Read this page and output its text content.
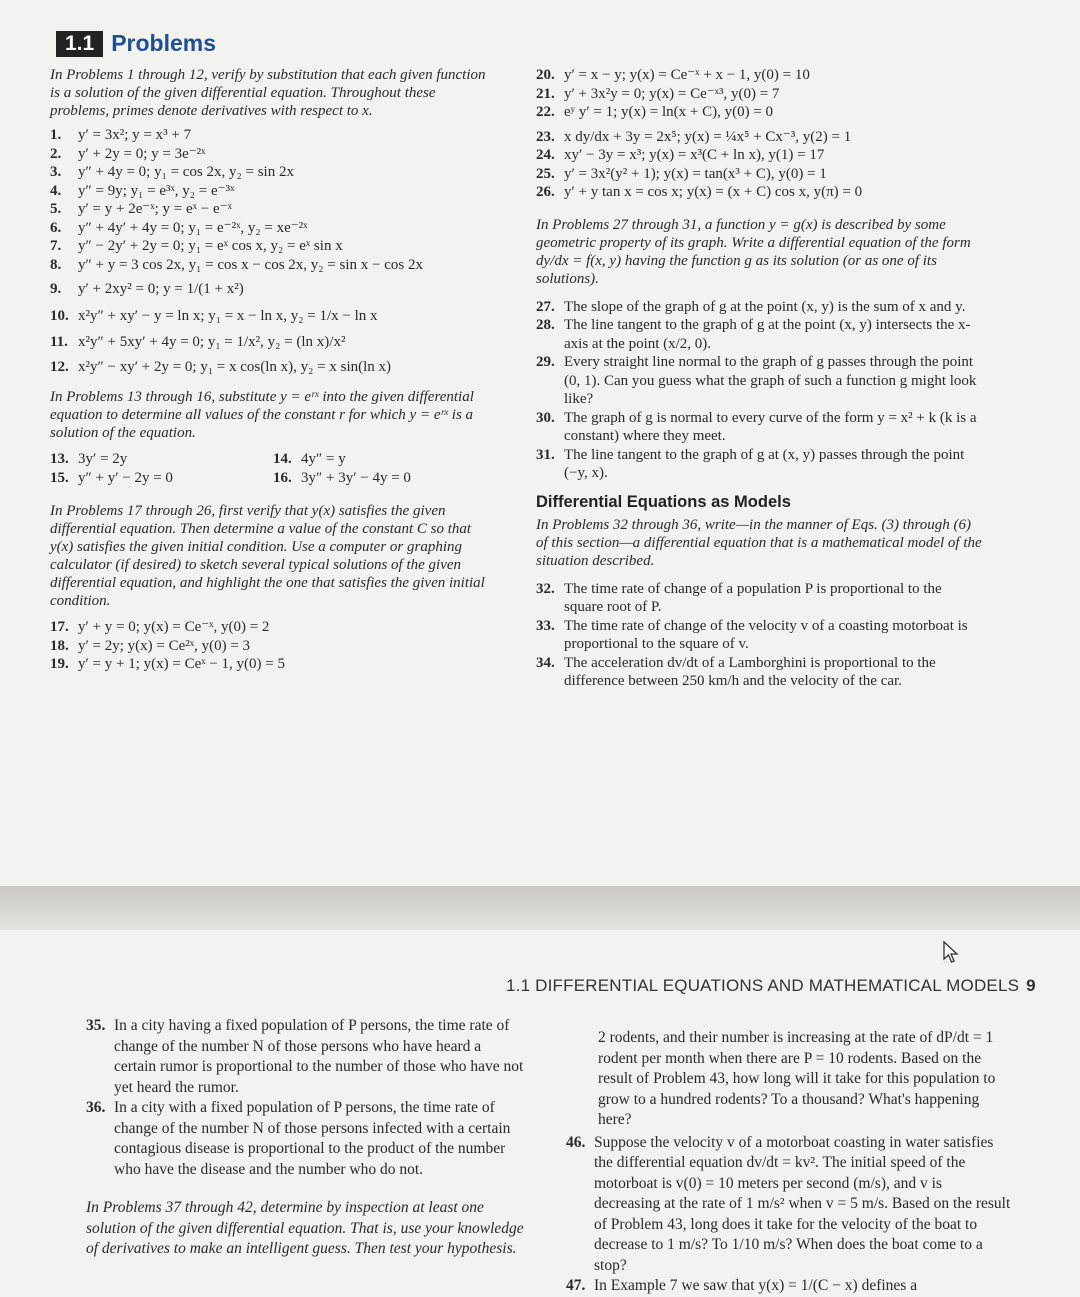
1.1 Problems

In Problems 1 through 12, verify by substitution that each given function is a solution of the given differential equation. Throughout these problems, primes denote derivatives with respect to x.

1.	y′ = 3x²; y = x³ + 7
2.	y′ + 2y = 0; y = 3e⁻²ˣ
3.	y″ + 4y = 0; y₁ = cos 2x, y₂ = sin 2x
4.	y″ = 9y; y₁ = e³ˣ, y₂ = e⁻³ˣ
5.	y′ = y + 2e⁻ˣ; y = eˣ − e⁻ˣ
6.	y″ + 4y′ + 4y = 0; y₁ = e⁻²ˣ, y₂ = xe⁻²ˣ
7.	y″ − 2y′ + 2y = 0; y₁ = eˣ cos x, y₂ = eˣ sin x
8.	y″ + y = 3 cos 2x, y₁ = cos x − cos 2x, y₂ = sin x − cos 2x
9.	y′ + 2xy² = 0; y = 1/(1 + x²)
10. x²y″ + xy′ − y = ln x; y₁ = x − ln x, y₂ = 1/x − ln x
11. x²y″ + 5xy′ + 4y = 0; y₁ = 1/x², y₂ = (ln x)/x²
12. x²y″ − xy′ + 2y = 0; y₁ = x cos(ln x), y₂ = x sin(ln x)

In Problems 13 through 16, substitute y = eʳˣ into the given differential equation to determine all values of the constant r for which y = eʳˣ is a solution of the equation.

13. 3y′ = 2y	14. 4y″ = y
15. y″ + y′ − 2y = 0	16. 3y″ + 3y′ − 4y = 0

In Problems 17 through 26, first verify that y(x) satisfies the given differential equation. Then determine a value of the constant C so that y(x) satisfies the given initial condition. Use a computer or graphing calculator (if desired) to sketch several typical solutions of the given differential equation, and highlight the one that satisfies the given initial condition.

17. y′ + y = 0; y(x) = Ce⁻ˣ, y(0) = 2
18. y′ = 2y; y(x) = Ce²ˣ, y(0) = 3
19. y′ = y + 1; y(x) = Ceˣ − 1, y(0) = 5
20. y′ = x − y; y(x) = Ce⁻ˣ + x − 1, y(0) = 10
21. y′ + 3x²y = 0; y(x) = Ce⁻ˣ³, y(0) = 7
22. eʸ y′ = 1; y(x) = ln(x + C), y(0) = 0
23. x dy/dx + 3y = 2x⁵; y(x) = ¼x⁵ + Cx⁻³, y(2) = 1
24. xy′ − 3y = x³; y(x) = x³(C + ln x), y(1) = 17
25. y′ = 3x²(y² + 1); y(x) = tan(x³ + C), y(0) = 1
26. y′ + y tan x = cos x; y(x) = (x + C) cos x, y(π) = 0

In Problems 27 through 31, a function y = g(x) is described by some geometric property of its graph. Write a differential equation of the form dy/dx = f(x, y) having the function g as its solution (or as one of its solutions).

27. The slope of the graph of g at the point (x, y) is the sum of x and y.
28. The line tangent to the graph of g at the point (x, y) intersects the x-axis at the point (x/2, 0).
29. Every straight line normal to the graph of g passes through the point (0, 1). Can you guess what the graph of such a function g might look like?
30. The graph of g is normal to every curve of the form y = x² + k (k is a constant) where they meet.
31. The line tangent to the graph of g at (x, y) passes through the point (−y, x).
Differential Equations as Models

In Problems 32 through 36, write—in the manner of Eqs. (3) through (6) of this section—a differential equation that is a mathematical model of the situation described.

32. The time rate of change of a population P is proportional to the square root of P.
33. The time rate of change of the velocity v of a coasting motorboat is proportional to the square of v.
34. The acceleration dv/dt of a Lamborghini is proportional to the difference between 250 km/h and the velocity of the car.
1.1 DIFFERENTIAL EQUATIONS AND MATHEMATICAL MODELS 9
35. In a city having a fixed population of P persons, the time rate of change of the number N of those persons who have heard a certain rumor is proportional to the number of those who have not yet heard the rumor.
36. In a city with a fixed population of P persons, the time rate of change of the number N of those persons infected with a certain contagious disease is proportional to the product of the number who have the disease and the number who do not.

In Problems 37 through 42, determine by inspection at least one solution of the given differential equation. That is, use your knowledge of derivatives to make an intelligent guess. Then test your hypothesis.

2 rodents, and their number is increasing at the rate of dP/dt = 1 rodent per month when there are P = 10 rodents. Based on the result of Problem 43, how long will it take for this population to grow to a hundred rodents? To a thousand? What's happening here?

46. Suppose the velocity v of a motorboat coasting in water satisfies the differential equation dv/dt = kv². The initial speed of the motorboat is v(0) = 10 meters per second (m/s), and v is decreasing at the rate of 1 m/s² when v = 5 m/s. Based on the result of Problem 43, long does it take for the velocity of the boat to decrease to 1 m/s? To 1/10 m/s? When does the boat come to a stop?
47. In Example 7 we saw that y(x) = 1/(C − x) defines a
